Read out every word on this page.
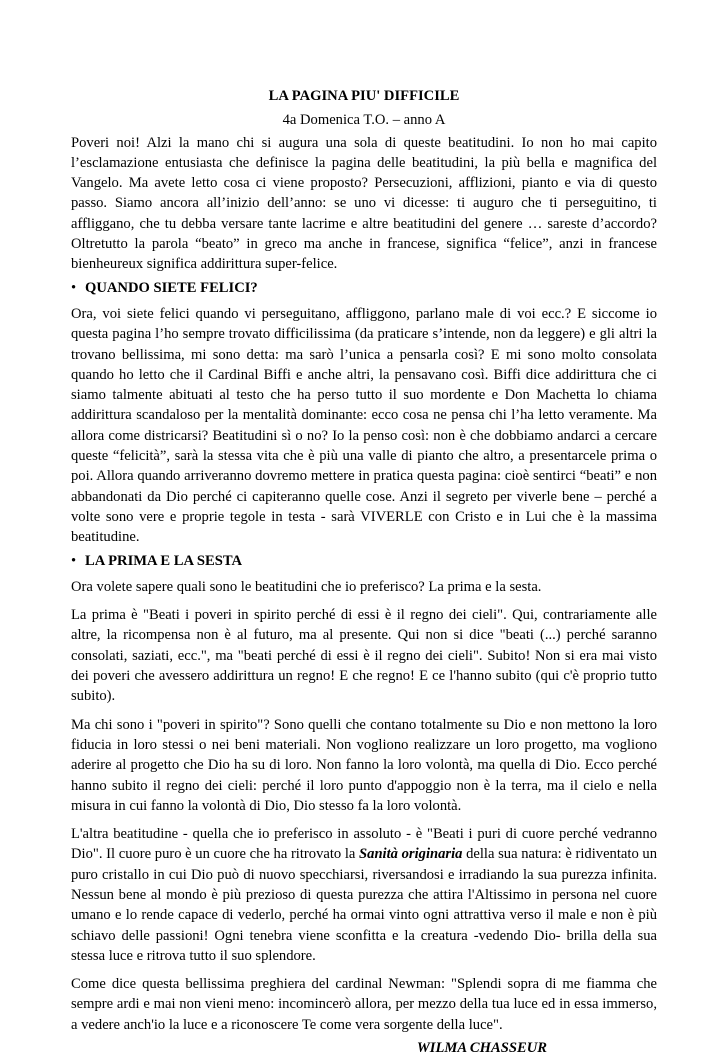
LA PAGINA PIU' DIFFICILE
4a Domenica T.O. – anno A

Poveri noi! Alzi la mano chi si augura una sola di queste beatitudini. Io non ho mai capito l’esclamazione entusiasta che definisce la pagina delle beatitudini, la più bella e magnifica del Vangelo. Ma avete letto cosa ci viene proposto? Persecuzioni, afflizioni, pianto e via di questo passo. Siamo ancora all’inizio dell’anno: se uno vi dicesse: ti auguro che ti perseguitino, ti affliggano, che tu debba versare tante lacrime e altre beatitudini del genere … sareste d’accordo? Oltretutto la parola “beato” in greco ma anche in francese, significa “felice”, anzi in francese bienheureux significa addirittura super-felice.

• QUANDO SIETE FELICI?

Ora, voi siete felici quando vi perseguitano, affliggono, parlano male di voi ecc.? E siccome io questa pagina l’ho sempre trovato difficilissima (da praticare s’intende, non da leggere) e gli altri la trovano bellissima, mi sono detta: ma sarò l’unica a pensarla così? E mi sono molto consolata quando ho letto che il Cardinal Biffi e anche altri, la pensavano così. Biffi dice addirittura che ci siamo talmente abituati al testo che ha perso tutto il suo mordente e Don Machetta lo chiama addirittura scandaloso per la mentalità dominante: ecco cosa ne pensa chi l’ha letto veramente. Ma allora come districarsi? Beatitudini sì o no? Io la penso così: non è che dobbiamo andarci a cercare queste “felicità”, sarà la stessa vita che è più una valle di pianto che altro, a presentarcele prima o poi. Allora quando arriveranno dovremo mettere in pratica questa pagina: cioè sentirci “beati” e non abbandonati da Dio perché ci capiteranno quelle cose. Anzi il segreto per viverle bene – perché a volte sono vere e proprie tegole in testa - sarà VIVERLE con Cristo e in Lui che è la massima beatitudine.

• LA PRIMA E LA SESTA

Ora volete sapere quali sono le beatitudini che io preferisco? La prima e la sesta.

La prima è "Beati i poveri in spirito perché di essi è il regno dei cieli". Qui, contrariamente alle altre, la ricompensa non è al futuro, ma al presente. Qui non si dice "beati (...) perché saranno consolati, saziati, ecc.", ma "beati perché di essi è il regno dei cieli". Subito! Non si era mai visto dei poveri che avessero addirittura un regno! E che regno! E ce l'hanno subito (qui c'è proprio tutto subito).

Ma chi sono i "poveri in spirito"? Sono quelli che contano totalmente su Dio e non mettono la loro fiducia in loro stessi o nei beni materiali. Non vogliono realizzare un loro progetto, ma vogliono aderire al progetto che Dio ha su di loro. Non fanno la loro volontà, ma quella di Dio. Ecco perché hanno subito il regno dei cieli: perché il loro punto d'appoggio non è la terra, ma il cielo e nella misura in cui fanno la volontà di Dio, Dio stesso fa la loro volontà.

L'altra beatitudine - quella che io preferisco in assoluto - è "Beati i puri di cuore perché vedranno Dio". Il cuore puro è un cuore che ha ritrovato la Sanità originaria della sua natura: è ridiventato un puro cristallo in cui Dio può di nuovo specchiarsi, riversandosi e irradiando la sua purezza infinita. Nessun bene al mondo è più prezioso di questa purezza che attira l'Altissimo in persona nel cuore umano e lo rende capace di vederlo, perché ha ormai vinto ogni attrattiva verso il male e non è più schiavo delle passioni! Ogni tenebra viene sconfitta e la creatura -vedendo Dio- brilla della sua stessa luce e ritrova tutto il suo splendore.

Come dice questa bellissima preghiera del cardinal Newman: "Splendi sopra di me fiamma che sempre ardi e mai non vieni meno: incomincerò allora, per mezzo della tua luce ed in essa immerso, a vedere anch'io la luce e a riconoscere Te come vera sorgente della luce".

WILMA CHASSEUR
